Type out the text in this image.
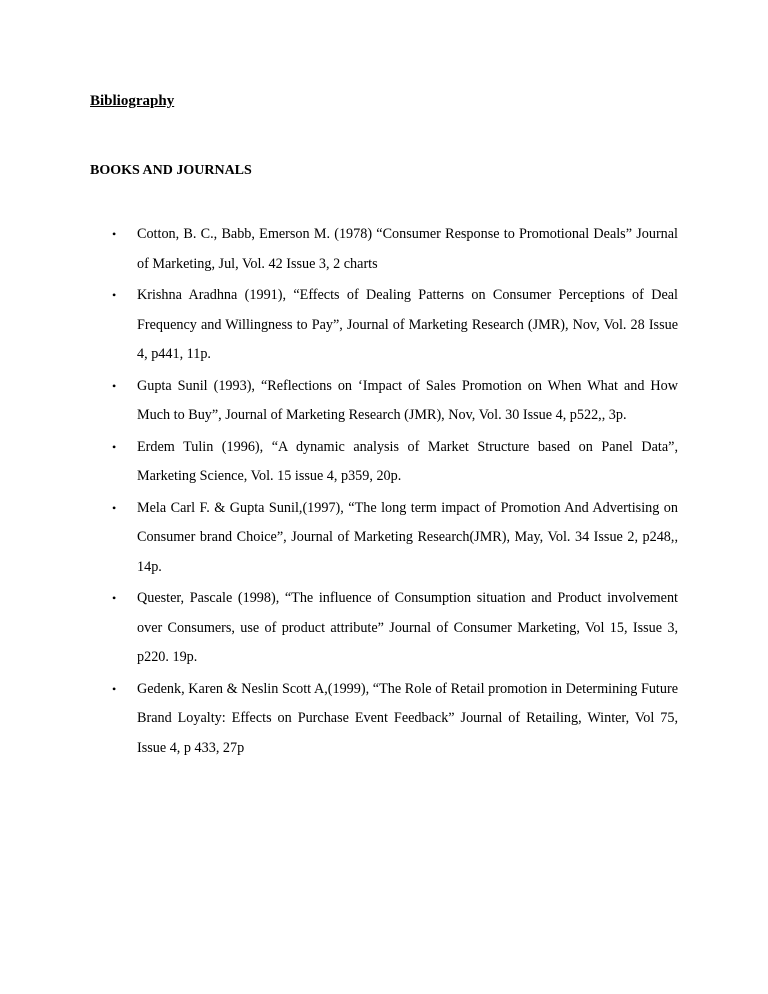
Bibliography
BOOKS AND JOURNALS
• Cotton, B. C., Babb, Emerson M. (1978) “Consumer Response to Promotional Deals” Journal of Marketing, Jul, Vol. 42 Issue 3, 2 charts
• Krishna Aradhna (1991), “Effects of Dealing Patterns on Consumer Perceptions of Deal Frequency and Willingness to Pay”, Journal of Marketing Research (JMR), Nov, Vol. 28 Issue 4, p441, 11p.
• Gupta Sunil (1993), “Reflections on ‘Impact of Sales Promotion on When What and How Much to Buy”, Journal of Marketing Research (JMR), Nov, Vol. 30 Issue 4, p522,, 3p.
• Erdem Tulin (1996), “A dynamic analysis of Market Structure based on Panel Data”, Marketing Science, Vol. 15 issue 4, p359, 20p.
• Mela Carl F. & Gupta Sunil,(1997), “The long term impact of Promotion And Advertising on Consumer brand Choice”, Journal of Marketing Research(JMR), May, Vol. 34 Issue 2, p248,, 14p.
• Quester, Pascale (1998), “The influence of Consumption situation and Product involvement over Consumers, use of product attribute” Journal of Consumer Marketing, Vol 15, Issue 3, p220. 19p.
• Gedenk, Karen & Neslin Scott A,(1999), “The Role of Retail promotion in Determining Future Brand Loyalty: Effects on Purchase Event Feedback” Journal of Retailing, Winter, Vol 75, Issue 4, p 433, 27p
